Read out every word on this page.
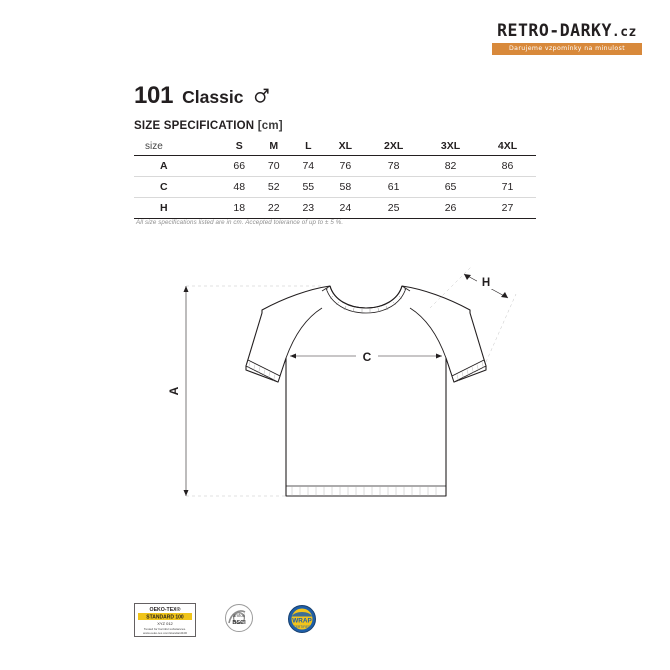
RETRO-DARKY.cz
Darujeme vzpomínky na minulost
101 Classic
SIZE SPECIFICATION [cm]
size	S	M	L	XL	2XL	3XL	4XL
A	66	70	74	76	78	82	86
C	48	52	55	58	61	65	71
H	18	22	23	24	25	26	27
All size specifications listed are in cm. Accepted tolerance of up to ± 5 %.
A
C
H
OEKO-TEX®
STANDARD 100
XYZ 012
Tested for harmful substances.
www.oeko-tex.com/standard100
amfori
BSCI	WRAP
CERTIFIED
